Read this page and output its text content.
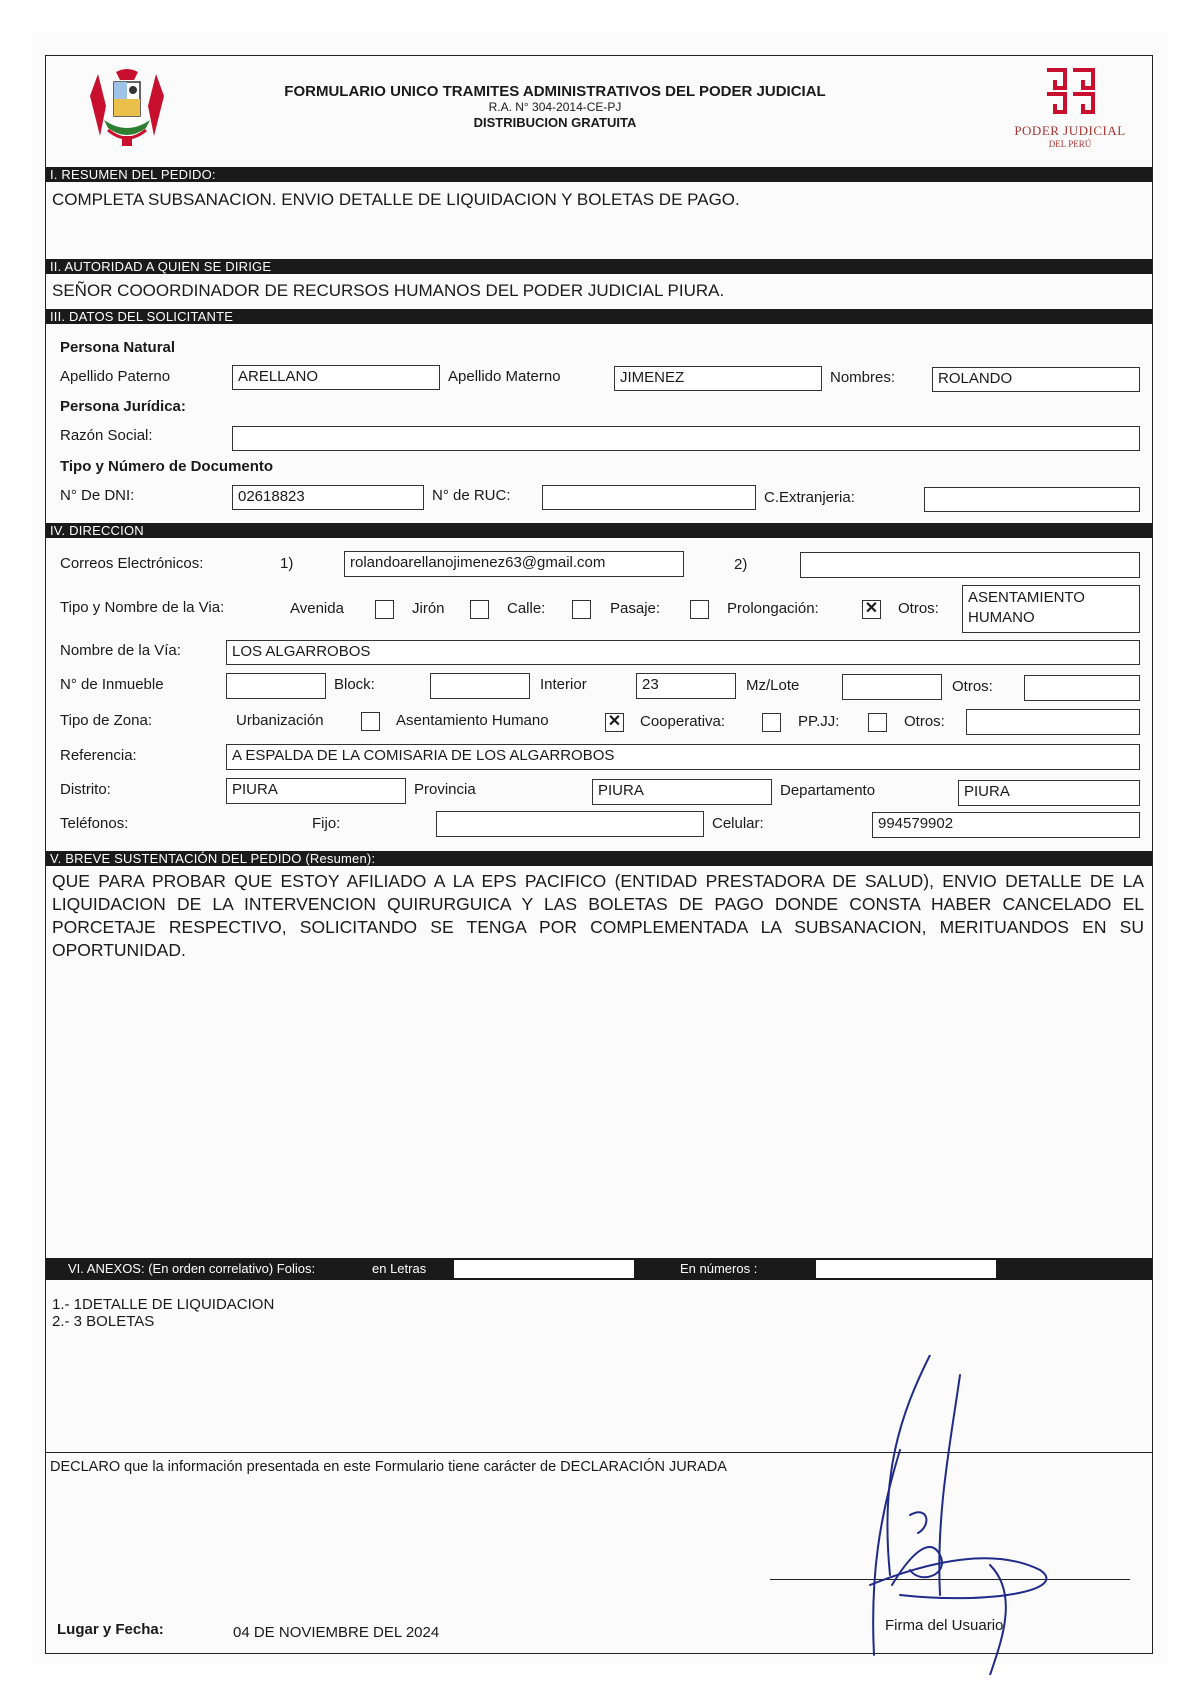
FORMULARIO UNICO TRAMITES ADMINISTRATIVOS DEL PODER JUDICIAL
R.A. N° 304-2014-CE-PJ
DISTRIBUCION GRATUITA
PODER JUDICIAL
DEL PERÚ
I. RESUMEN DEL PEDIDO:
COMPLETA SUBSANACION. ENVIO DETALLE DE LIQUIDACION Y BOLETAS DE PAGO.
II. AUTORIDAD A QUIEN SE DIRIGE
SEÑOR COOORDINADOR DE RECURSOS HUMANOS DEL PODER JUDICIAL PIURA.
III. DATOS DEL SOLICITANTE
Persona Natural
Apellido Paterno	ARELLANO	Apellido Materno	JIMENEZ	Nombres:	ROLANDO
Persona Jurídica:
Razón Social:
Tipo y Número de Documento
N° De DNI:	02618823	N° de RUC:	C.Extranjeria:
IV. DIRECCION
Correos Electrónicos:	1)	rolandoarellanojimenez63@gmail.com	2)
Tipo y Nombre de la Via:	Avenida	Jirón	Calle:	Pasaje:	Prolongación:	✕ Otros:
ASENTAMIENTO
HUMANO
Nombre de la Vía:	LOS ALGARROBOS
N° de Inmueble	Block:	Interior	23	Mz/Lote	Otros:
Tipo de Zona:	Urbanización	Asentamiento Humano	✕ Cooperativa:	PP.JJ:	Otros:
Referencia:	A ESPALDA DE LA COMISARIA DE LOS ALGARROBOS
Distrito:	PIURA	Provincia	PIURA	Departamento	PIURA
Teléfonos:	Fijo:	Celular:	994579902
V. BREVE SUSTENTACIÓN DEL PEDIDO (Resumen):
QUE PARA PROBAR QUE ESTOY AFILIADO A LA EPS PACIFICO (ENTIDAD PRESTADORA DE SALUD), ENVIO DETALLE DE LA LIQUIDACION DE LA INTERVENCION QUIRURGUICA Y LAS BOLETAS DE PAGO DONDE CONSTA HABER CANCELADO EL PORCETAJE RESPECTIVO, SOLICITANDO SE TENGA POR COMPLEMENTADA LA SUBSANACION, MERITUANDOS EN SU OPORTUNIDAD.
VI. ANEXOS: (En orden correlativo) Folios:	en Letras	En números :
1.- 1DETALLE DE LIQUIDACION
2.- 3 BOLETAS
DECLARO que la información presentada en este Formulario tiene carácter de DECLARACIÓN JURADA
Lugar y Fecha:	04 DE NOVIEMBRE DEL 2024	Firma del Usuario
